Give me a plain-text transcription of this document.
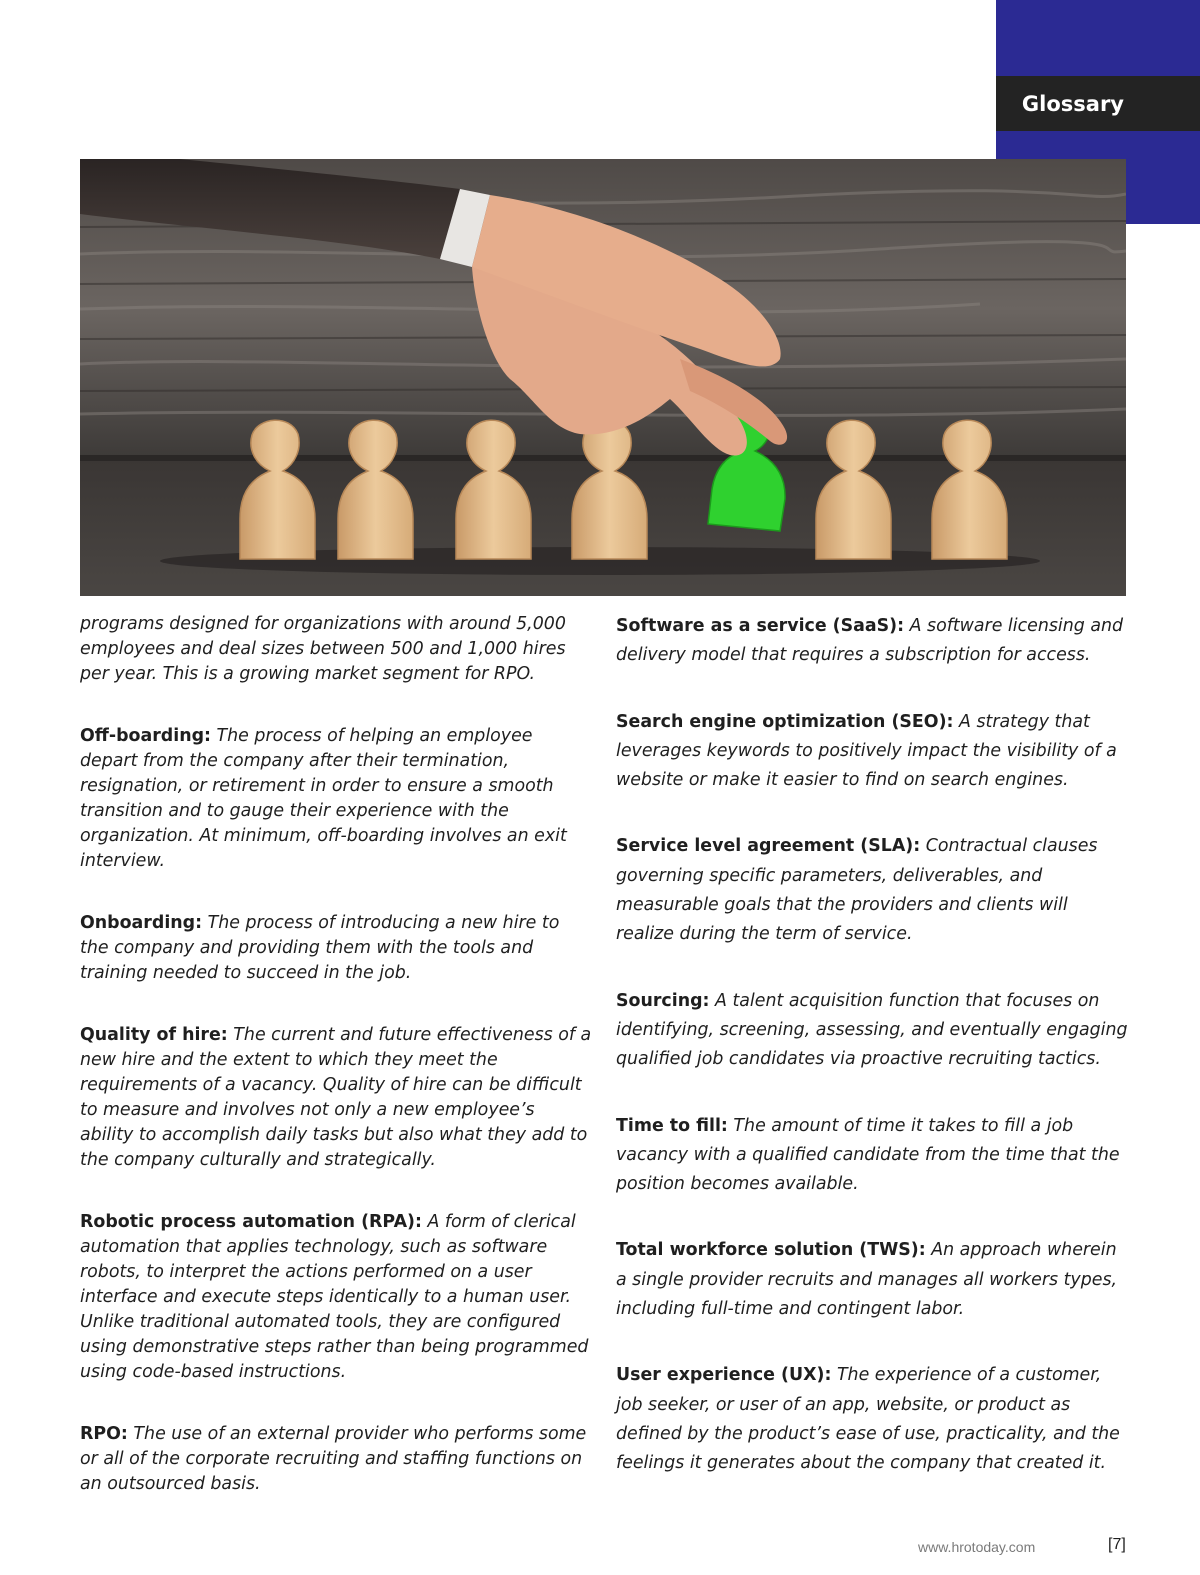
Glossary

programs designed for organizations with around 5,000 employees and deal sizes between 500 and 1,000 hires per year. This is a growing market segment for RPO.

Off-boarding: The process of helping an employee depart from the company after their termination, resignation, or retirement in order to ensure a smooth transition and to gauge their experience with the organization. At minimum, off-boarding involves an exit interview.

Onboarding: The process of introducing a new hire to the company and providing them with the tools and training needed to succeed in the job.

Quality of hire: The current and future effectiveness of a new hire and the extent to which they meet the requirements of a vacancy. Quality of hire can be difficult to measure and involves not only a new employee’s ability to accomplish daily tasks but also what they add to the company culturally and strategically.

Robotic process automation (RPA): A form of clerical automation that applies technology, such as software robots, to interpret the actions performed on a user interface and execute steps identically to a human user. Unlike traditional automated tools, they are configured using demonstrative steps rather than being programmed using code-based instructions.

RPO: The use of an external provider who performs some or all of the corporate recruiting and staffing functions on an outsourced basis.

Software as a service (SaaS): A software licensing and delivery model that requires a subscription for access.

Search engine optimization (SEO): A strategy that leverages keywords to positively impact the visibility of a website or make it easier to find on search engines.

Service level agreement (SLA): Contractual clauses governing specific parameters, deliverables, and measurable goals that the providers and clients will realize during the term of service.

Sourcing: A talent acquisition function that focuses on identifying, screening, assessing, and eventually engaging qualified job candidates via proactive recruiting tactics.

Time to fill: The amount of time it takes to fill a job vacancy with a qualified candidate from the time that the position becomes available.

Total workforce solution (TWS): An approach wherein a single provider recruits and manages all workers types, including full-time and contingent labor.

User experience (UX): The experience of a customer, job seeker, or user of an app, website, or product as defined by the product’s ease of use, practicality, and the feelings it generates about the company that created it.

www.hrotoday.com	[7]
